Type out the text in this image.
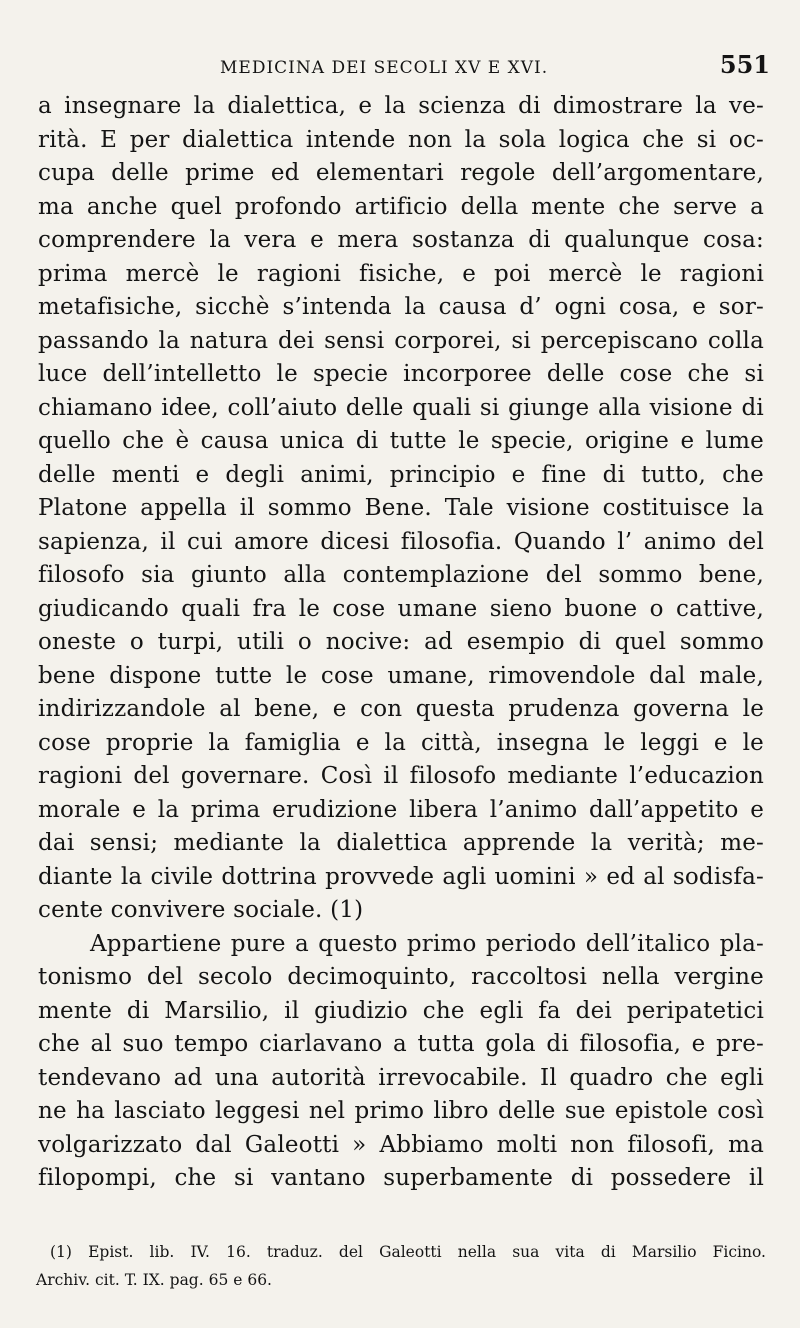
MEDICINA DEI SECOLI XV E XVI.	551
a insegnare la dialettica, e la scienza di dimostrare la ve-
rità. E per dialettica intende non la sola logica che si oc-
cupa delle prime ed elementari regole dell’argomentare,
ma anche quel profondo artificio della mente che serve a
comprendere la vera e mera sostanza di qualunque cosa:
prima mercè le ragioni fisiche, e poi mercè le ragioni
metafisiche, sicchè s’intenda la causa d’ ogni cosa, e sor-
passando la natura dei sensi corporei, si percepiscano colla
luce dell’intelletto le specie incorporee delle cose che si
chiamano idee, coll’aiuto delle quali si giunge alla visione di
quello che è causa unica di tutte le specie, origine e lume
delle menti e degli animi, principio e fine di tutto, che
Platone appella il sommo Bene. Tale visione costituisce la
sapienza, il cui amore dicesi filosofia. Quando l’ animo del
filosofo sia giunto alla contemplazione del sommo bene,
giudicando quali fra le cose umane sieno buone o cattive,
oneste o turpi, utili o nocive: ad esempio di quel sommo
bene dispone tutte le cose umane, rimovendole dal male,
indirizzandole al bene, e con questa prudenza governa le
cose proprie la famiglia e la città, insegna le leggi e le
ragioni del governare. Così il filosofo mediante l’educazion
morale e la prima erudizione libera l’animo dall’appetito e
dai sensi; mediante la dialettica apprende la verità; me-
diante la civile dottrina provvede agli uomini » ed al sodisfa-
cente convivere sociale. (1)
Appartiene pure a questo primo periodo dell’italico pla-
tonismo del secolo decimoquinto, raccoltosi nella vergine
mente di Marsilio, il giudizio che egli fa dei peripatetici
che al suo tempo ciarlavano a tutta gola di filosofia, e pre-
tendevano ad una autorità irrevocabile. Il quadro che egli
ne ha lasciato leggesi nel primo libro delle sue epistole così
volgarizzato dal Galeotti » Abbiamo molti non filosofi, ma
filopompi, che si vantano superbamente di possedere il
(1) Epist. lib. IV. 16. traduz. del Galeotti nella sua vita di Marsilio Ficino.
Archiv. cit. T. IX. pag. 65 e 66.
